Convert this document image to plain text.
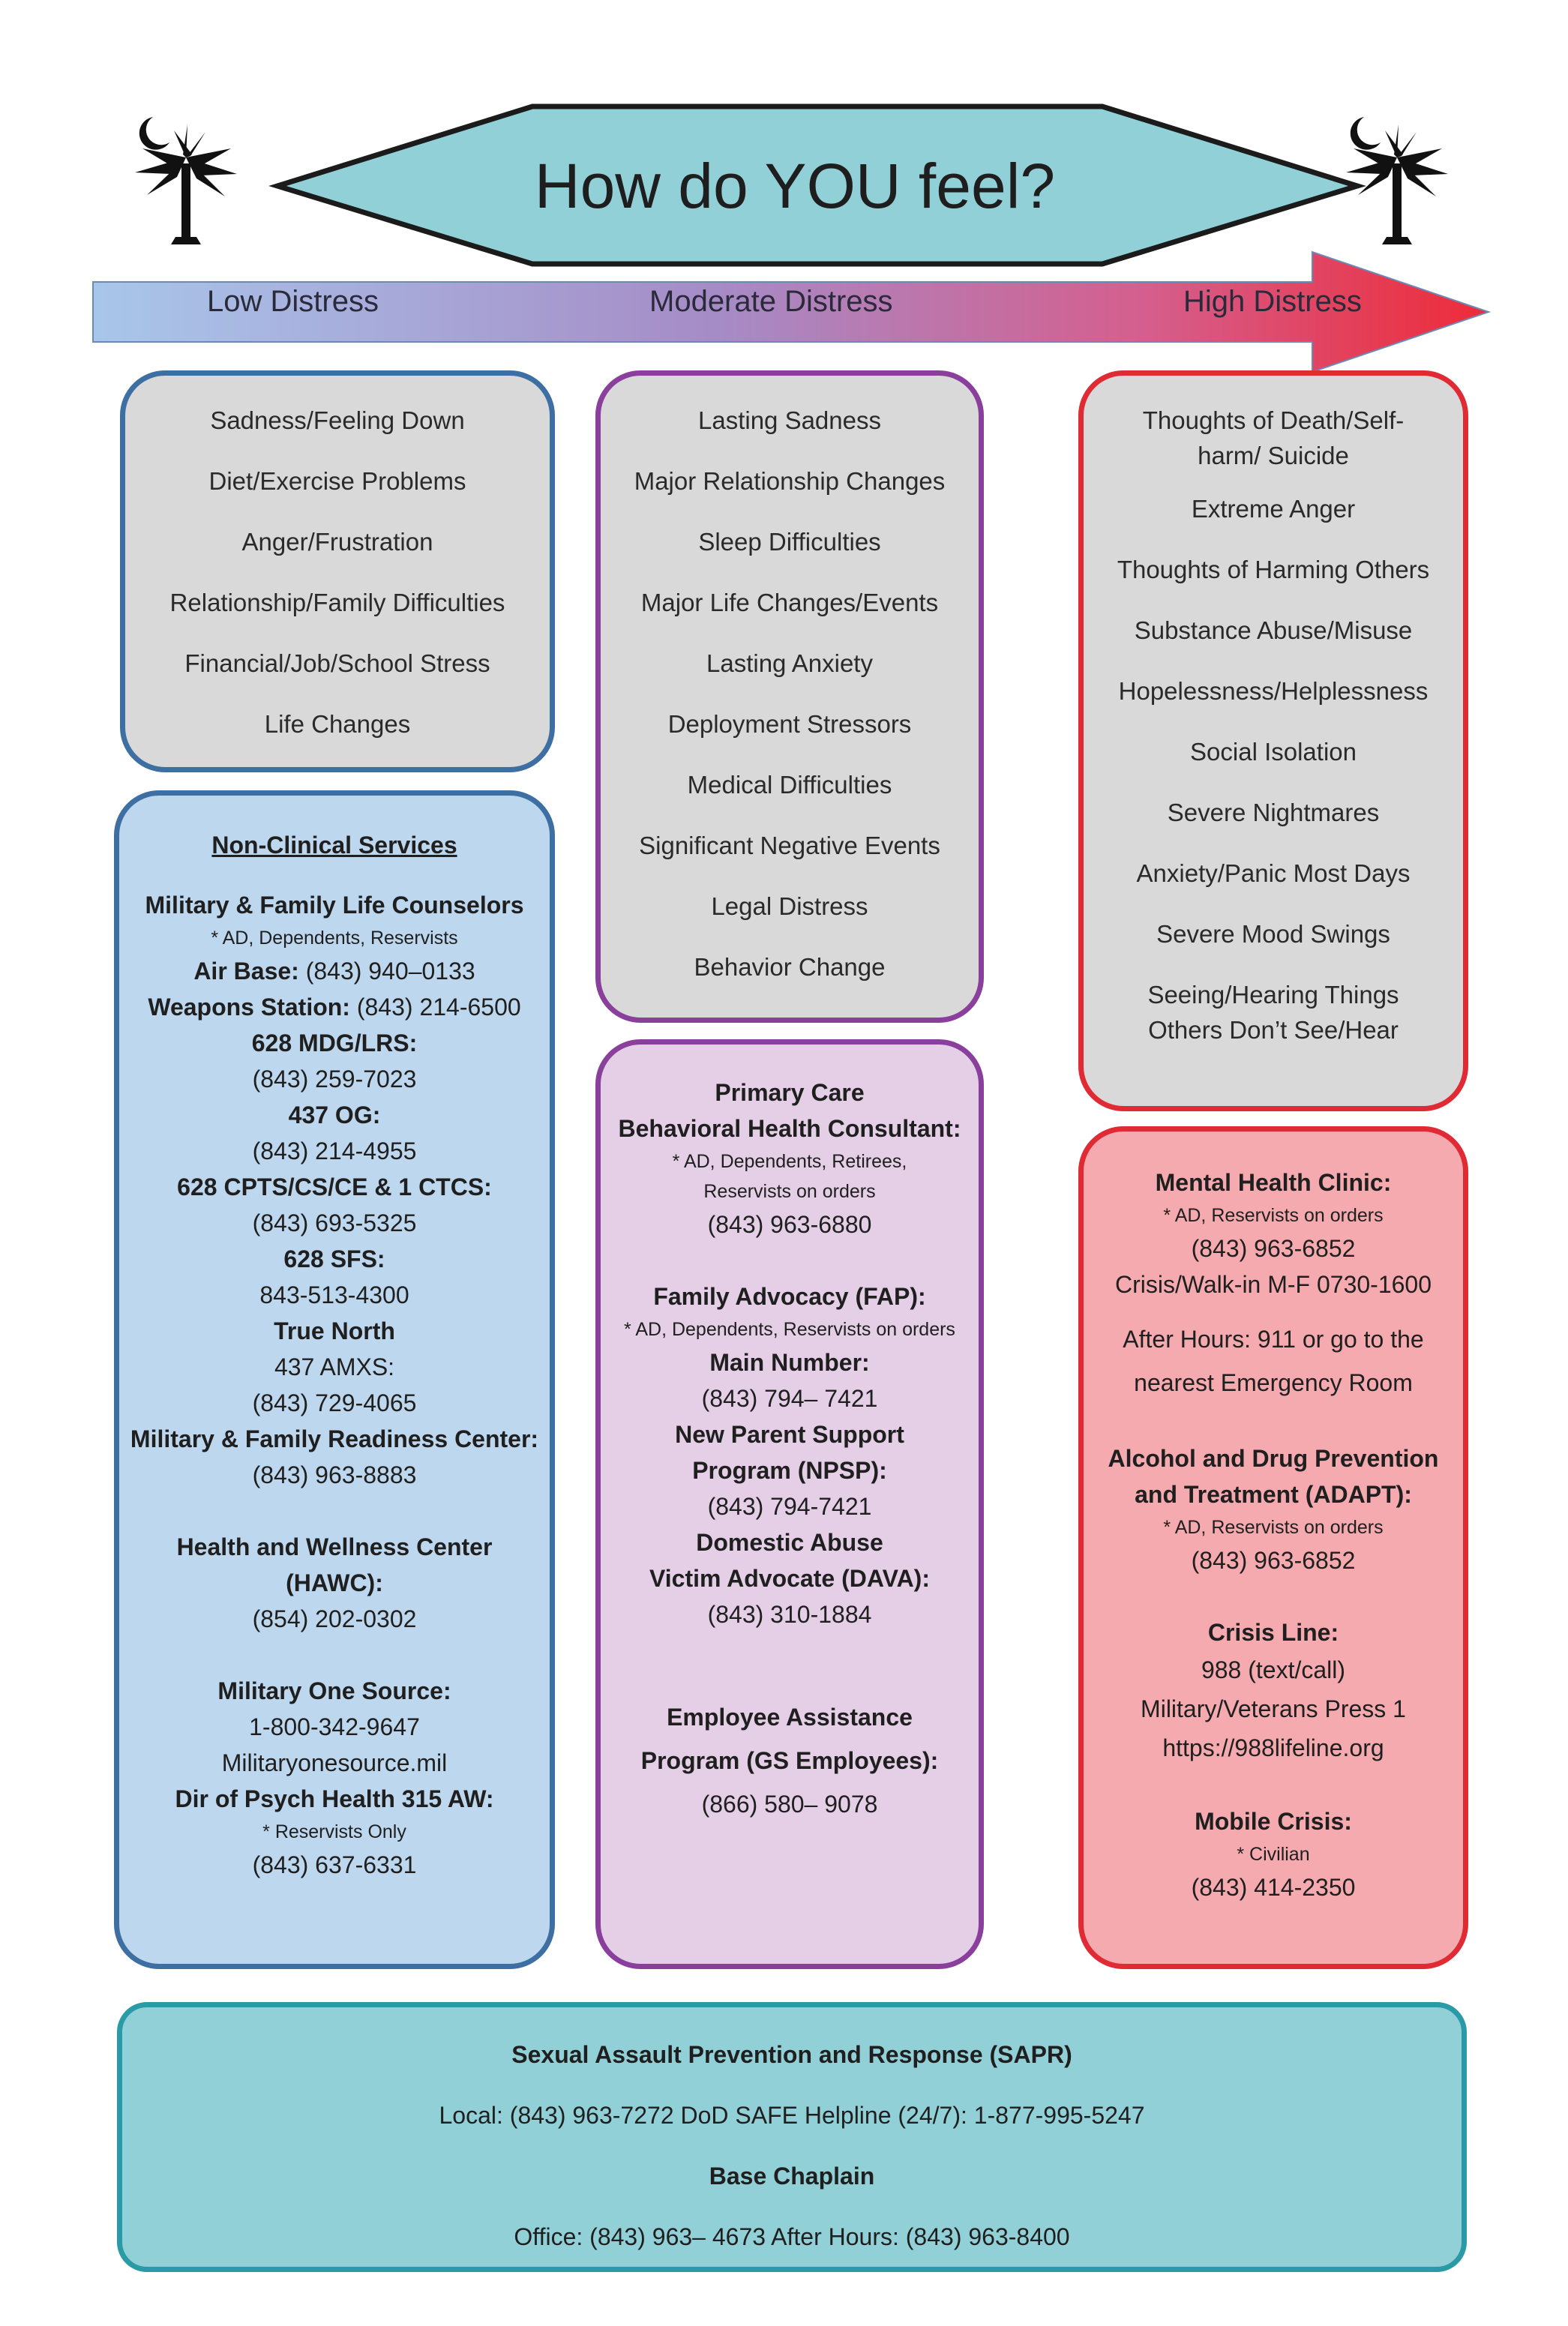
How do YOU feel?
Low Distress	Moderate Distress	High Distress
Sadness/Feeling Down
Diet/Exercise Problems
Anger/Frustration
Relationship/Family Difficulties
Financial/Job/School Stress
Life Changes
Lasting Sadness
Major Relationship Changes
Sleep Difficulties
Major Life Changes/Events
Lasting Anxiety
Deployment Stressors
Medical Difficulties
Significant Negative Events
Legal Distress
Behavior Change
Thoughts of Death/Self-harm/ Suicide
Extreme Anger
Thoughts of Harming Others
Substance Abuse/Misuse
Hopelessness/Helplessness
Social Isolation
Severe Nightmares
Anxiety/Panic Most Days
Severe Mood Swings
Seeing/Hearing Things Others Don’t See/Hear
Non-Clinical Services
Military & Family Life Counselors
* AD, Dependents, Reservists
Air Base: (843) 940–0133
Weapons Station: (843) 214-6500
628 MDG/LRS:
(843) 259-7023
437 OG:
(843) 214-4955
628 CPTS/CS/CE & 1 CTCS:
(843) 693-5325
628 SFS:
843-513-4300
True North
437 AMXS:
(843) 729-4065
Military & Family Readiness Center:
(843) 963-8883
Health and Wellness Center
(HAWC):
(854) 202-0302
Military One Source:
1-800-342-9647
Militaryonesource.mil
Dir of Psych Health 315 AW:
* Reservists Only
(843) 637-6331
Primary Care
Behavioral Health Consultant:
* AD, Dependents, Retirees,
Reservists on orders
(843) 963-6880
Family Advocacy (FAP):
* AD, Dependents, Reservists on orders
Main Number:
(843) 794– 7421
New Parent Support
Program (NPSP):
(843) 794-7421
Domestic Abuse
Victim Advocate (DAVA):
(843) 310-1884
Employee Assistance
Program (GS Employees):
(866) 580– 9078
Mental Health Clinic:
* AD, Reservists on orders
(843) 963-6852
Crisis/Walk-in M-F 0730-1600
After Hours: 911 or go to the
nearest Emergency Room
Alcohol and Drug Prevention
and Treatment (ADAPT):
* AD, Reservists on orders
(843) 963-6852
Crisis Line:
988 (text/call)
Military/Veterans Press 1
https://988lifeline.org
Mobile Crisis:
* Civilian
(843) 414-2350
Sexual Assault Prevention and Response (SAPR)
Local: (843) 963-7272 DoD SAFE Helpline (24/7): 1-877-995-5247
Base Chaplain
Office: (843) 963– 4673 After Hours: (843) 963-8400
